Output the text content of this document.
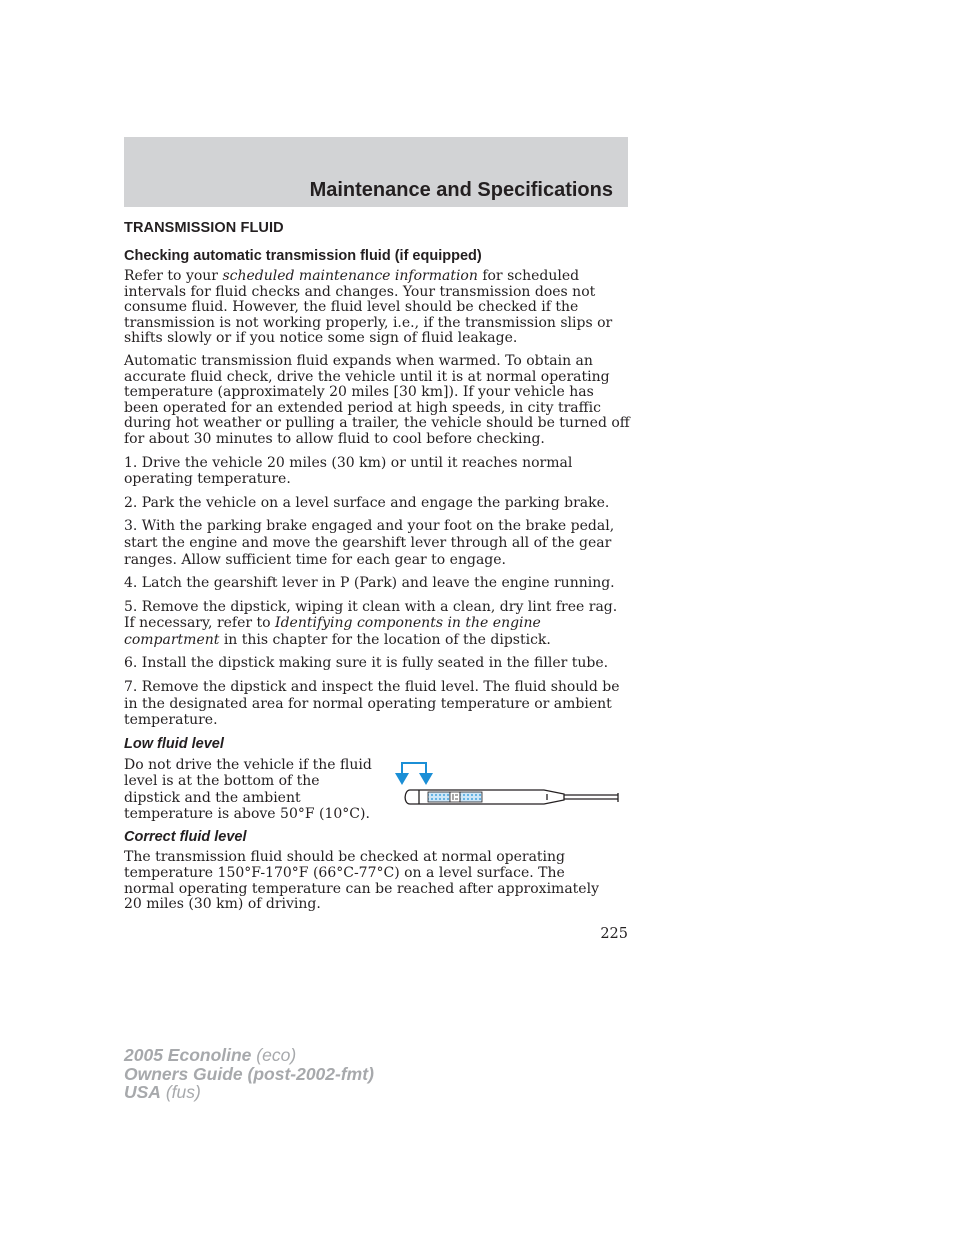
Maintenance and Specifications
TRANSMISSION FLUID
Checking automatic transmission fluid (if equipped)

Refer to your scheduled maintenance information for scheduled intervals for fluid checks and changes. Your transmission does not consume fluid. However, the fluid level should be checked if the transmission is not working properly, i.e., if the transmission slips or shifts slowly or if you notice some sign of fluid leakage.

Automatic transmission fluid expands when warmed. To obtain an accurate fluid check, drive the vehicle until it is at normal operating temperature (approximately 20 miles [30 km]). If your vehicle has been operated for an extended period at high speeds, in city traffic during hot weather or pulling a trailer, the vehicle should be turned off for about 30 minutes to allow fluid to cool before checking.

1. Drive the vehicle 20 miles (30 km) or until it reaches normal operating temperature.

2. Park the vehicle on a level surface and engage the parking brake.

3. With the parking brake engaged and your foot on the brake pedal, start the engine and move the gearshift lever through all of the gear ranges. Allow sufficient time for each gear to engage.

4. Latch the gearshift lever in P (Park) and leave the engine running.

5. Remove the dipstick, wiping it clean with a clean, dry lint free rag. If necessary, refer to Identifying components in the engine compartment in this chapter for the location of the dipstick.

6. Install the dipstick making sure it is fully seated in the filler tube.

7. Remove the dipstick and inspect the fluid level. The fluid should be in the designated area for normal operating temperature or ambient temperature.

Low fluid level

Do not drive the vehicle if the fluid level is at the bottom of the dipstick and the ambient temperature is above 50°F (10°C).

Correct fluid level

The transmission fluid should be checked at normal operating temperature 150°F-170°F (66°C-77°C) on a level surface. The normal operating temperature can be reached after approximately 20 miles (30 km) of driving.

225
2005 Econoline (eco)
Owners Guide (post-2002-fmt)
USA (fus)
